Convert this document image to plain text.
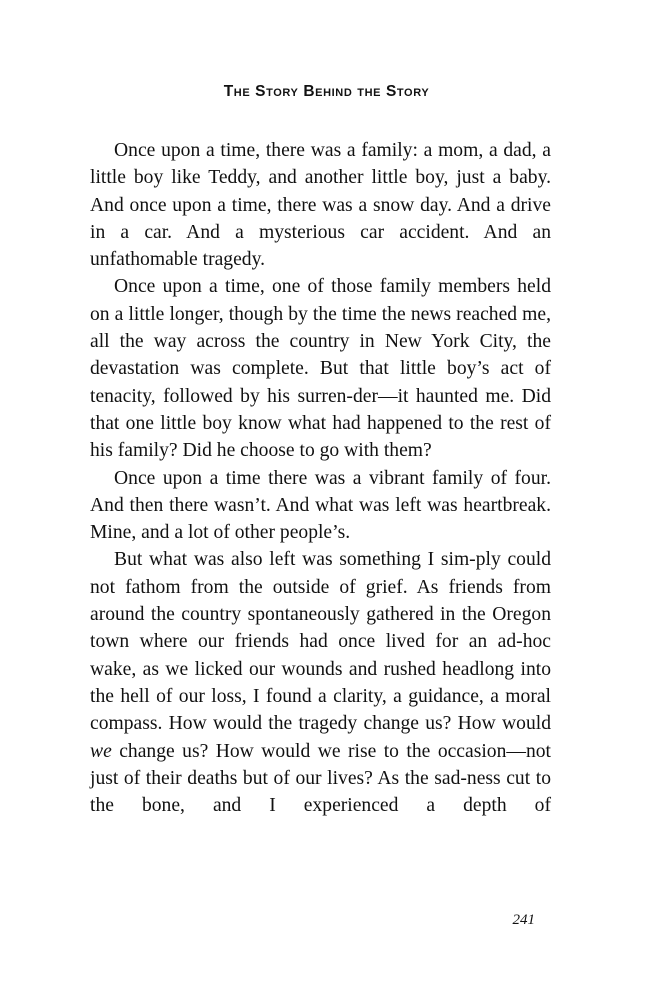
The Story Behind the Story

Once upon a time, there was a family: a mom, a dad, a little boy like Teddy, and another little boy, just a baby. And once upon a time, there was a snow day. And a drive in a car. And a mysterious car accident. And an unfathomable tragedy.

Once upon a time, one of those family members held on a little longer, though by the time the news reached me, all the way across the country in New York City, the devastation was complete. But that little boy’s act of tenacity, followed by his surren-der—it haunted me. Did that one little boy know what had happened to the rest of his family? Did he choose to go with them?

Once upon a time there was a vibrant family of four. And then there wasn’t. And what was left was heartbreak. Mine, and a lot of other people’s.

But what was also left was something I sim-ply could not fathom from the outside of grief. As friends from around the country spontaneously gathered in the Oregon town where our friends had once lived for an ad-hoc wake, as we licked our wounds and rushed headlong into the hell of our loss, I found a clarity, a guidance, a moral compass. How would the tragedy change us? How would we change us? How would we rise to the occasion—not just of their deaths but of our lives? As the sad-ness cut to the bone, and I experienced a depth of

241
